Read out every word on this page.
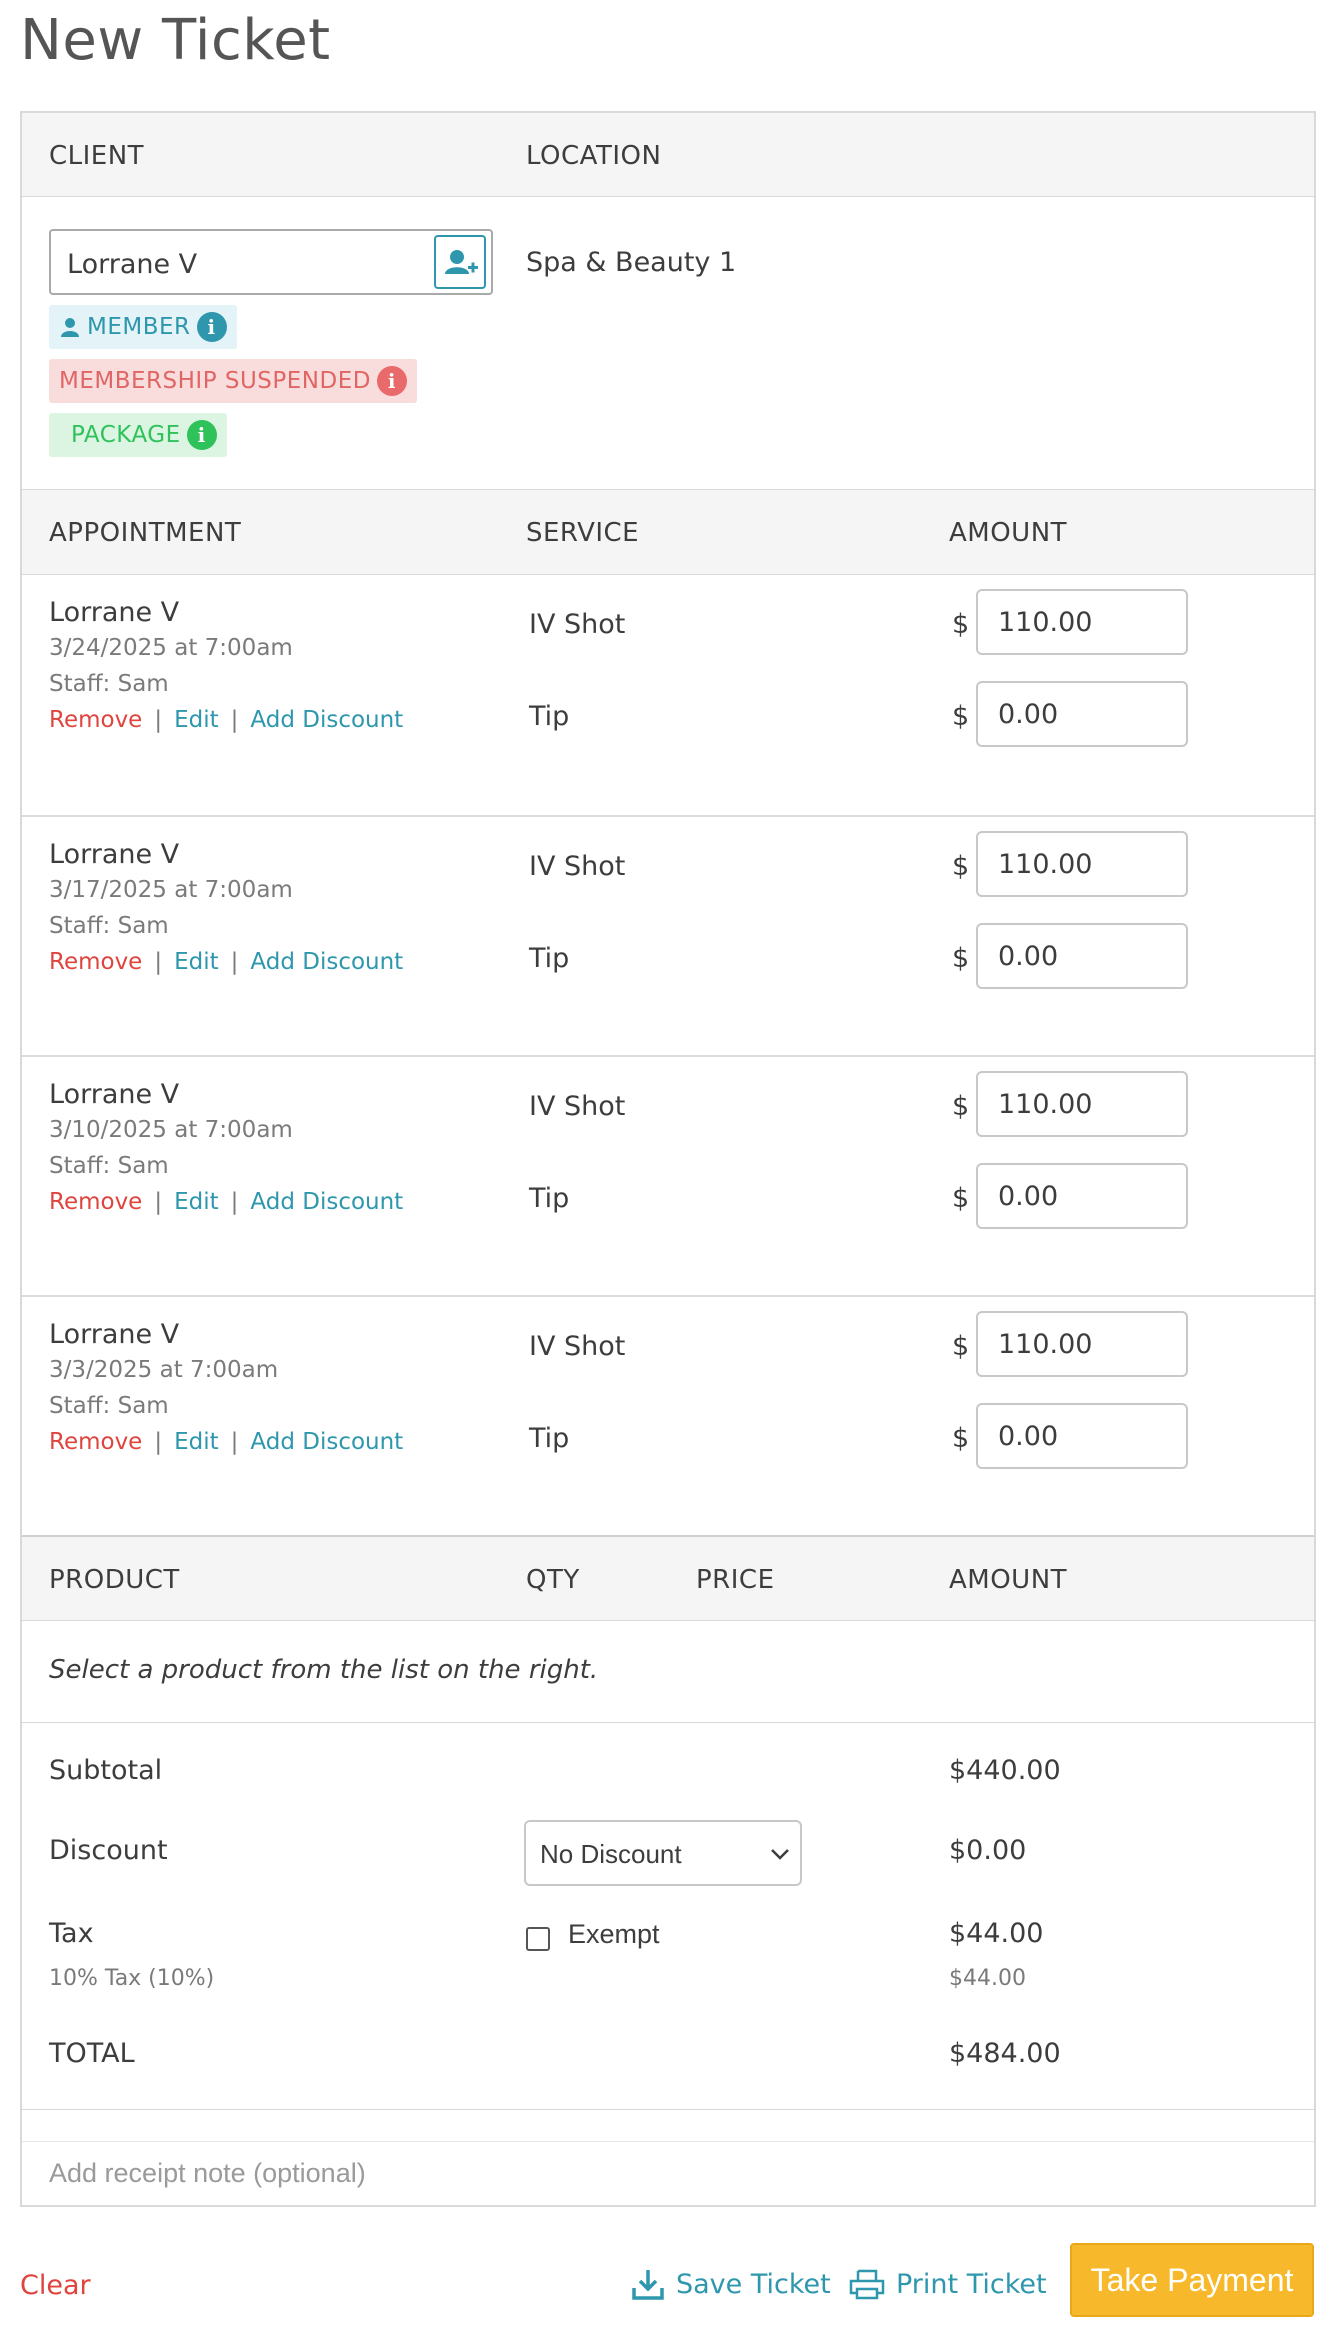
New Ticket
CLIENT	LOCATION
Lorrane V	Spa & Beauty 1
MEMBER i
MEMBERSHIP SUSPENDED i
PACKAGE i
APPOINTMENT	SERVICE	AMOUNT
Lorrane V
3/24/2025 at 7:00am
Staff: Sam
Remove | Edit | Add Discount
IV Shot	$	110.00
Tip	$	0.00
Lorrane V
3/17/2025 at 7:00am
Staff: Sam
Remove | Edit | Add Discount
IV Shot	$	110.00
Tip	$	0.00
Lorrane V
3/10/2025 at 7:00am
Staff: Sam
Remove | Edit | Add Discount
IV Shot	$	110.00
Tip	$	0.00
Lorrane V
3/3/2025 at 7:00am
Staff: Sam
Remove | Edit | Add Discount
IV Shot	$	110.00
Tip	$	0.00
PRODUCT	QTY	PRICE	AMOUNT
Select a product from the list on the right.
Subtotal	$440.00
Discount	No Discount	$0.00
Tax	Exempt	$44.00
10% Tax (10%)	$44.00
TOTAL	$484.00
Add receipt note (optional)
Clear	Save Ticket Print Ticket	Take Payment
